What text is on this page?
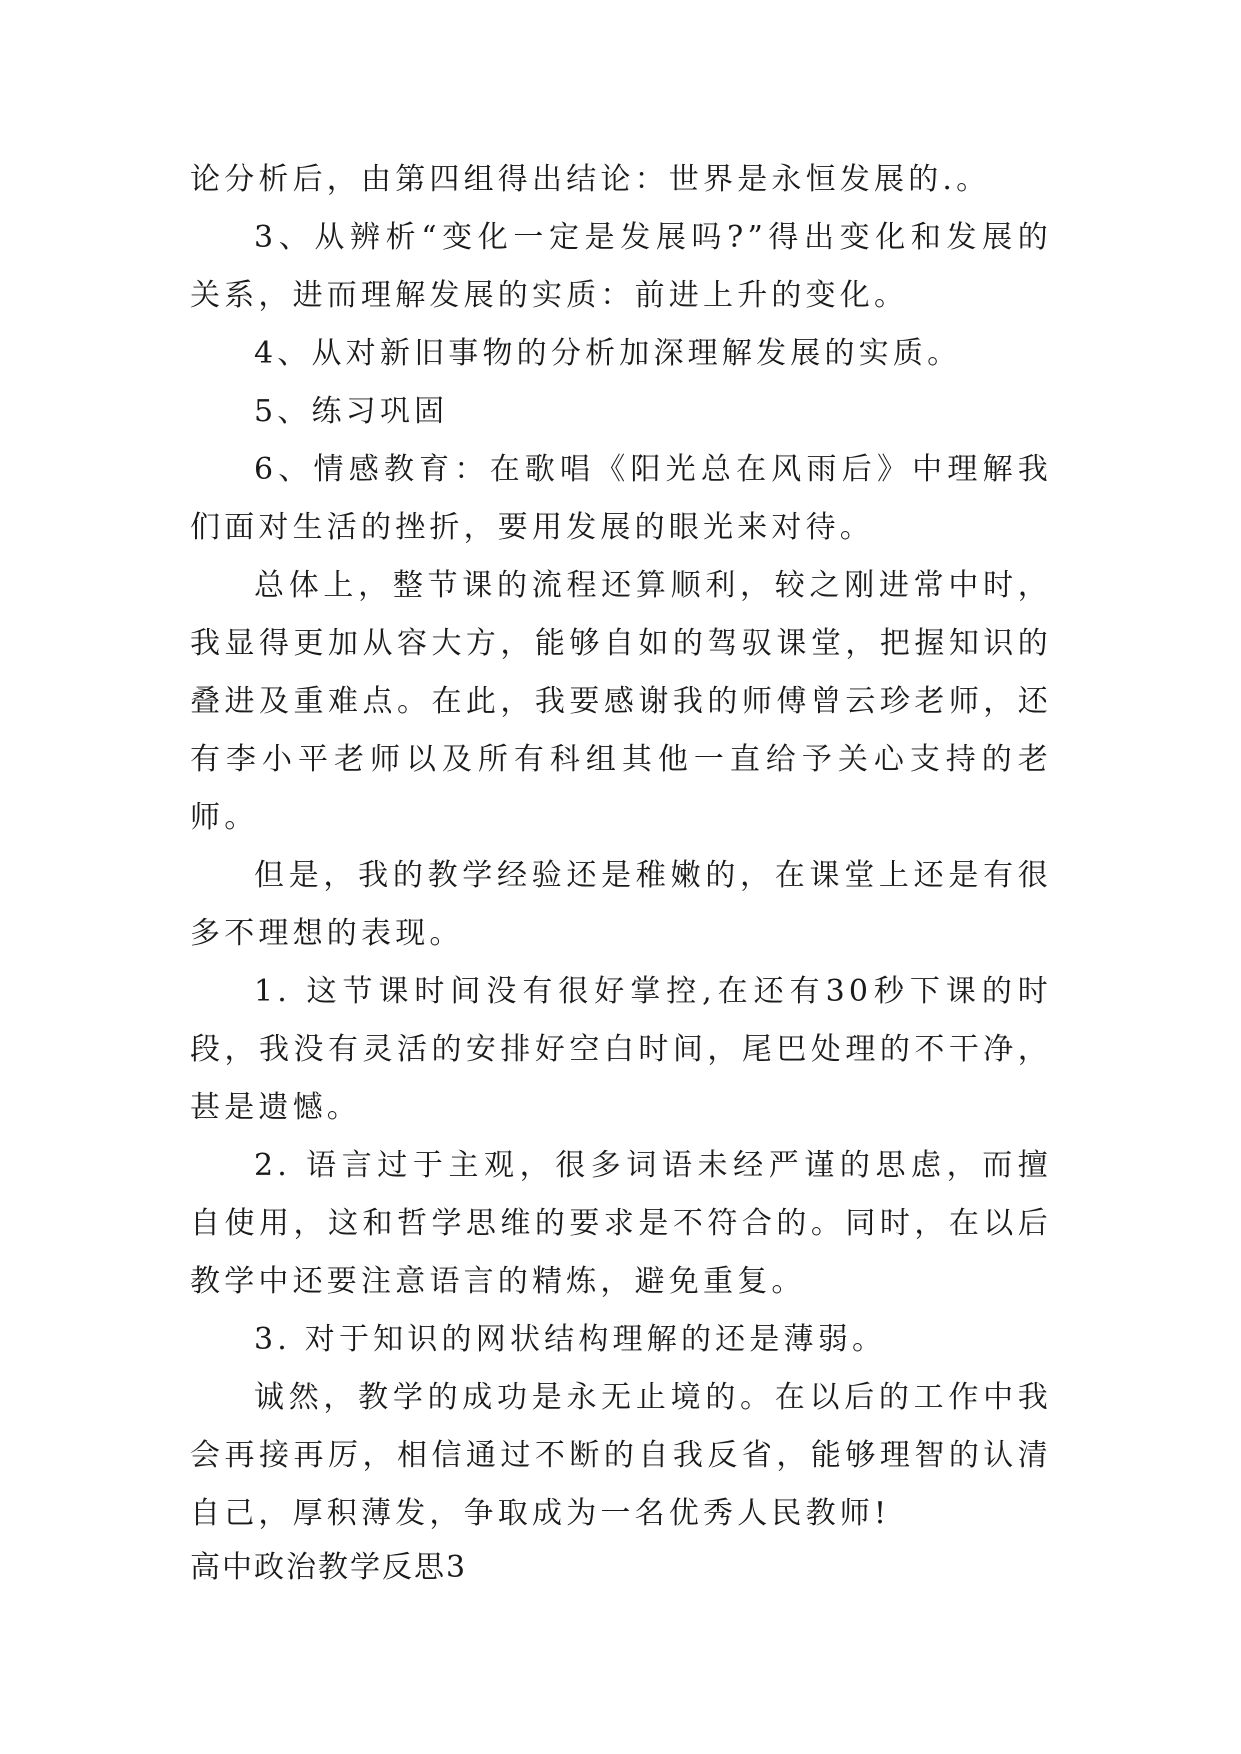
论分析后，由第四组得出结论：世界是永恒发展的.。

3、从辨析“变化一定是发展吗?”得出变化和发展的关系，进而理解发展的实质：前进上升的变化。

4、从对新旧事物的分析加深理解发展的实质。

5、练习巩固

6、情感教育：在歌唱《阳光总在风雨后》中理解我们面对生活的挫折，要用发展的眼光来对待。

总体上，整节课的流程还算顺利，较之刚进常中时，我显得更加从容大方，能够自如的驾驭课堂，把握知识的叠进及重难点。在此，我要感谢我的师傅曾云珍老师，还有李小平老师以及所有科组其他一直给予关心支持的老师。

但是，我的教学经验还是稚嫩的，在课堂上还是有很多不理想的表现。

1. 这节课时间没有很好掌控,在还有30秒下课的时段，我没有灵活的安排好空白时间，尾巴处理的不干净，甚是遗憾。

2. 语言过于主观，很多词语未经严谨的思虑，而擅自使用，这和哲学思维的要求是不符合的。同时，在以后教学中还要注意语言的精炼，避免重复。

3. 对于知识的网状结构理解的还是薄弱。

诚然，教学的成功是永无止境的。在以后的工作中我会再接再厉，相信通过不断的自我反省，能够理智的认清自己，厚积薄发，争取成为一名优秀人民教师!

高中政治教学反思3
